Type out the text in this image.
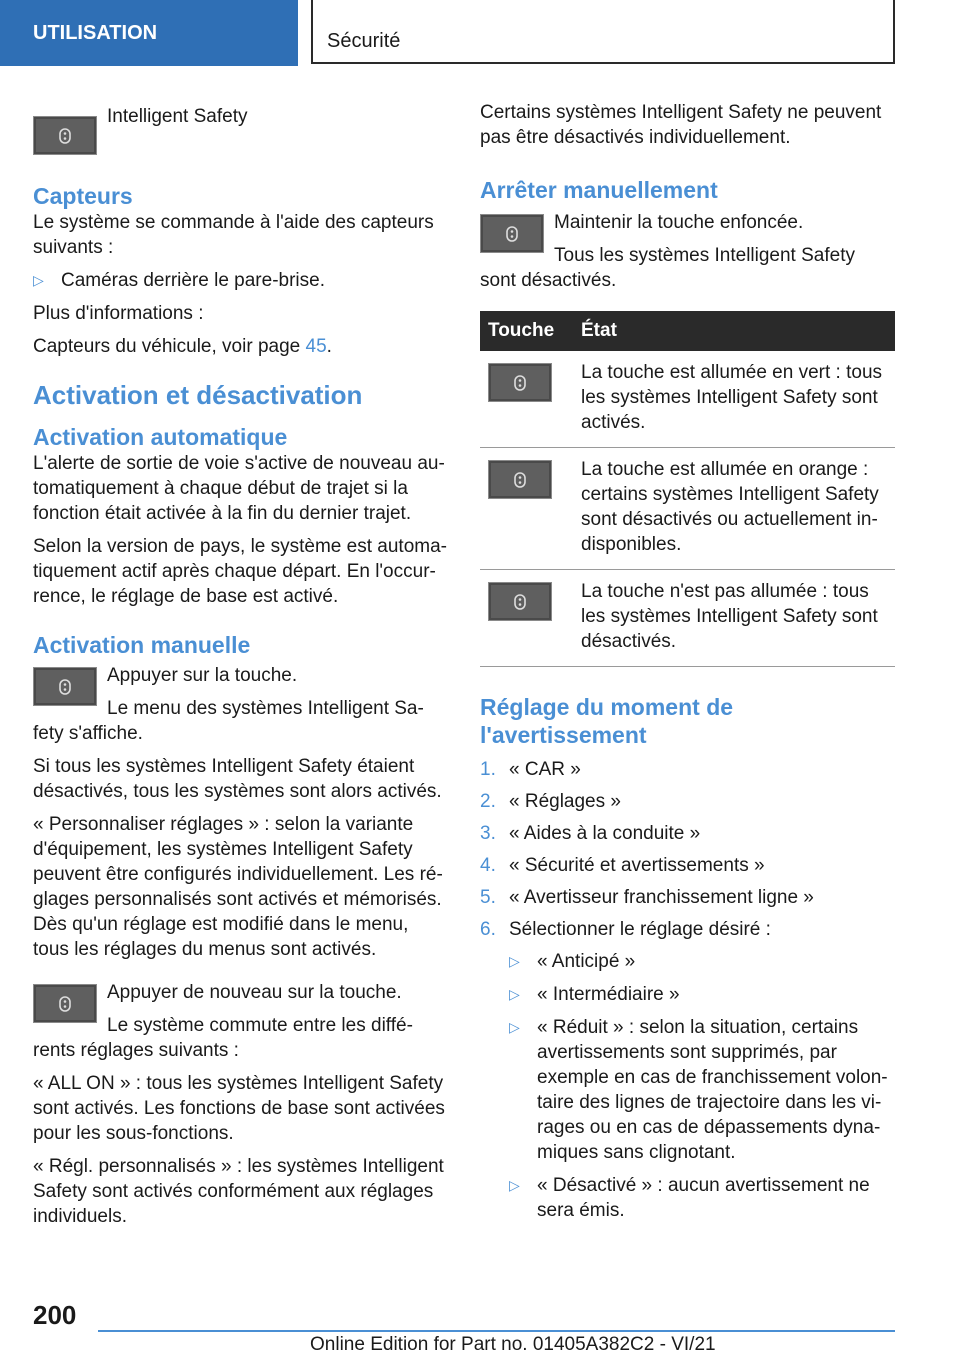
UTILISATION	Sécurité

Intelligent Safety

Capteurs

Le système se commande à l'aide des capteurs suivants :

▷ Caméras derrière le pare-brise.

Plus d'informations :

Capteurs du véhicule, voir page 45.

Activation et désactivation
Activation automatique

L'alerte de sortie de voie s'active de nouveau au-tomatiquement à chaque début de trajet si la fonction était activée à la fin du dernier trajet.

Selon la version de pays, le système est automa-tiquement actif après chaque départ. En l'occur-rence, le réglage de base est activé.

Activation manuelle

Appuyer sur la touche.

Le menu des systèmes Intelligent Sa-fety s'affiche.

Si tous les systèmes Intelligent Safety étaient désactivés, tous les systèmes sont alors activés.

« Personnaliser réglages » : selon la variante d'équipement, les systèmes Intelligent Safety peuvent être configurés individuellement. Les ré-glages personnalisés sont activés et mémorisés. Dès qu'un réglage est modifié dans le menu, tous les réglages du menus sont activés.

Appuyer de nouveau sur la touche.

Le système commute entre les diffé-rents réglages suivants :

« ALL ON » : tous les systèmes Intelligent Safety sont activés. Les fonctions de base sont activées pour les sous-fonctions.

« Régl. personnalisés » : les systèmes Intelligent Safety sont activés conformément aux réglages individuels.

Certains systèmes Intelligent Safety ne peuvent pas être désactivés individuellement.

Arrêter manuellement

Maintenir la touche enfoncée.

Tous les systèmes Intelligent Safety sont désactivés.

Touche	État

	La touche est allumée en vert : tous les systèmes Intelligent Safety sont activés.

	La touche est allumée en orange : certains systèmes Intelligent Safety sont désactivés ou actuellement in-disponibles.

	La touche n'est pas allumée : tous les systèmes Intelligent Safety sont désactivés.
Réglage du moment de l'avertissement
1. « CAR »
2. « Réglages »
3. « Aides à la conduite »
4. « Sécurité et avertissements »
5. « Avertisseur franchissement ligne »
6. Sélectionner le réglage désiré :
▷ « Anticipé »
▷ « Intermédiaire »
▷ « Réduit » : selon la situation, certains avertissements sont supprimés, par exemple en cas de franchissement volon-taire des lignes de trajectoire dans les vi-rages ou en cas de dépassements dyna-miques sans clignotant.
▷ « Désactivé » : aucun avertissement ne sera émis.
200
Online Edition for Part no. 01405A382C2 - VI/21
